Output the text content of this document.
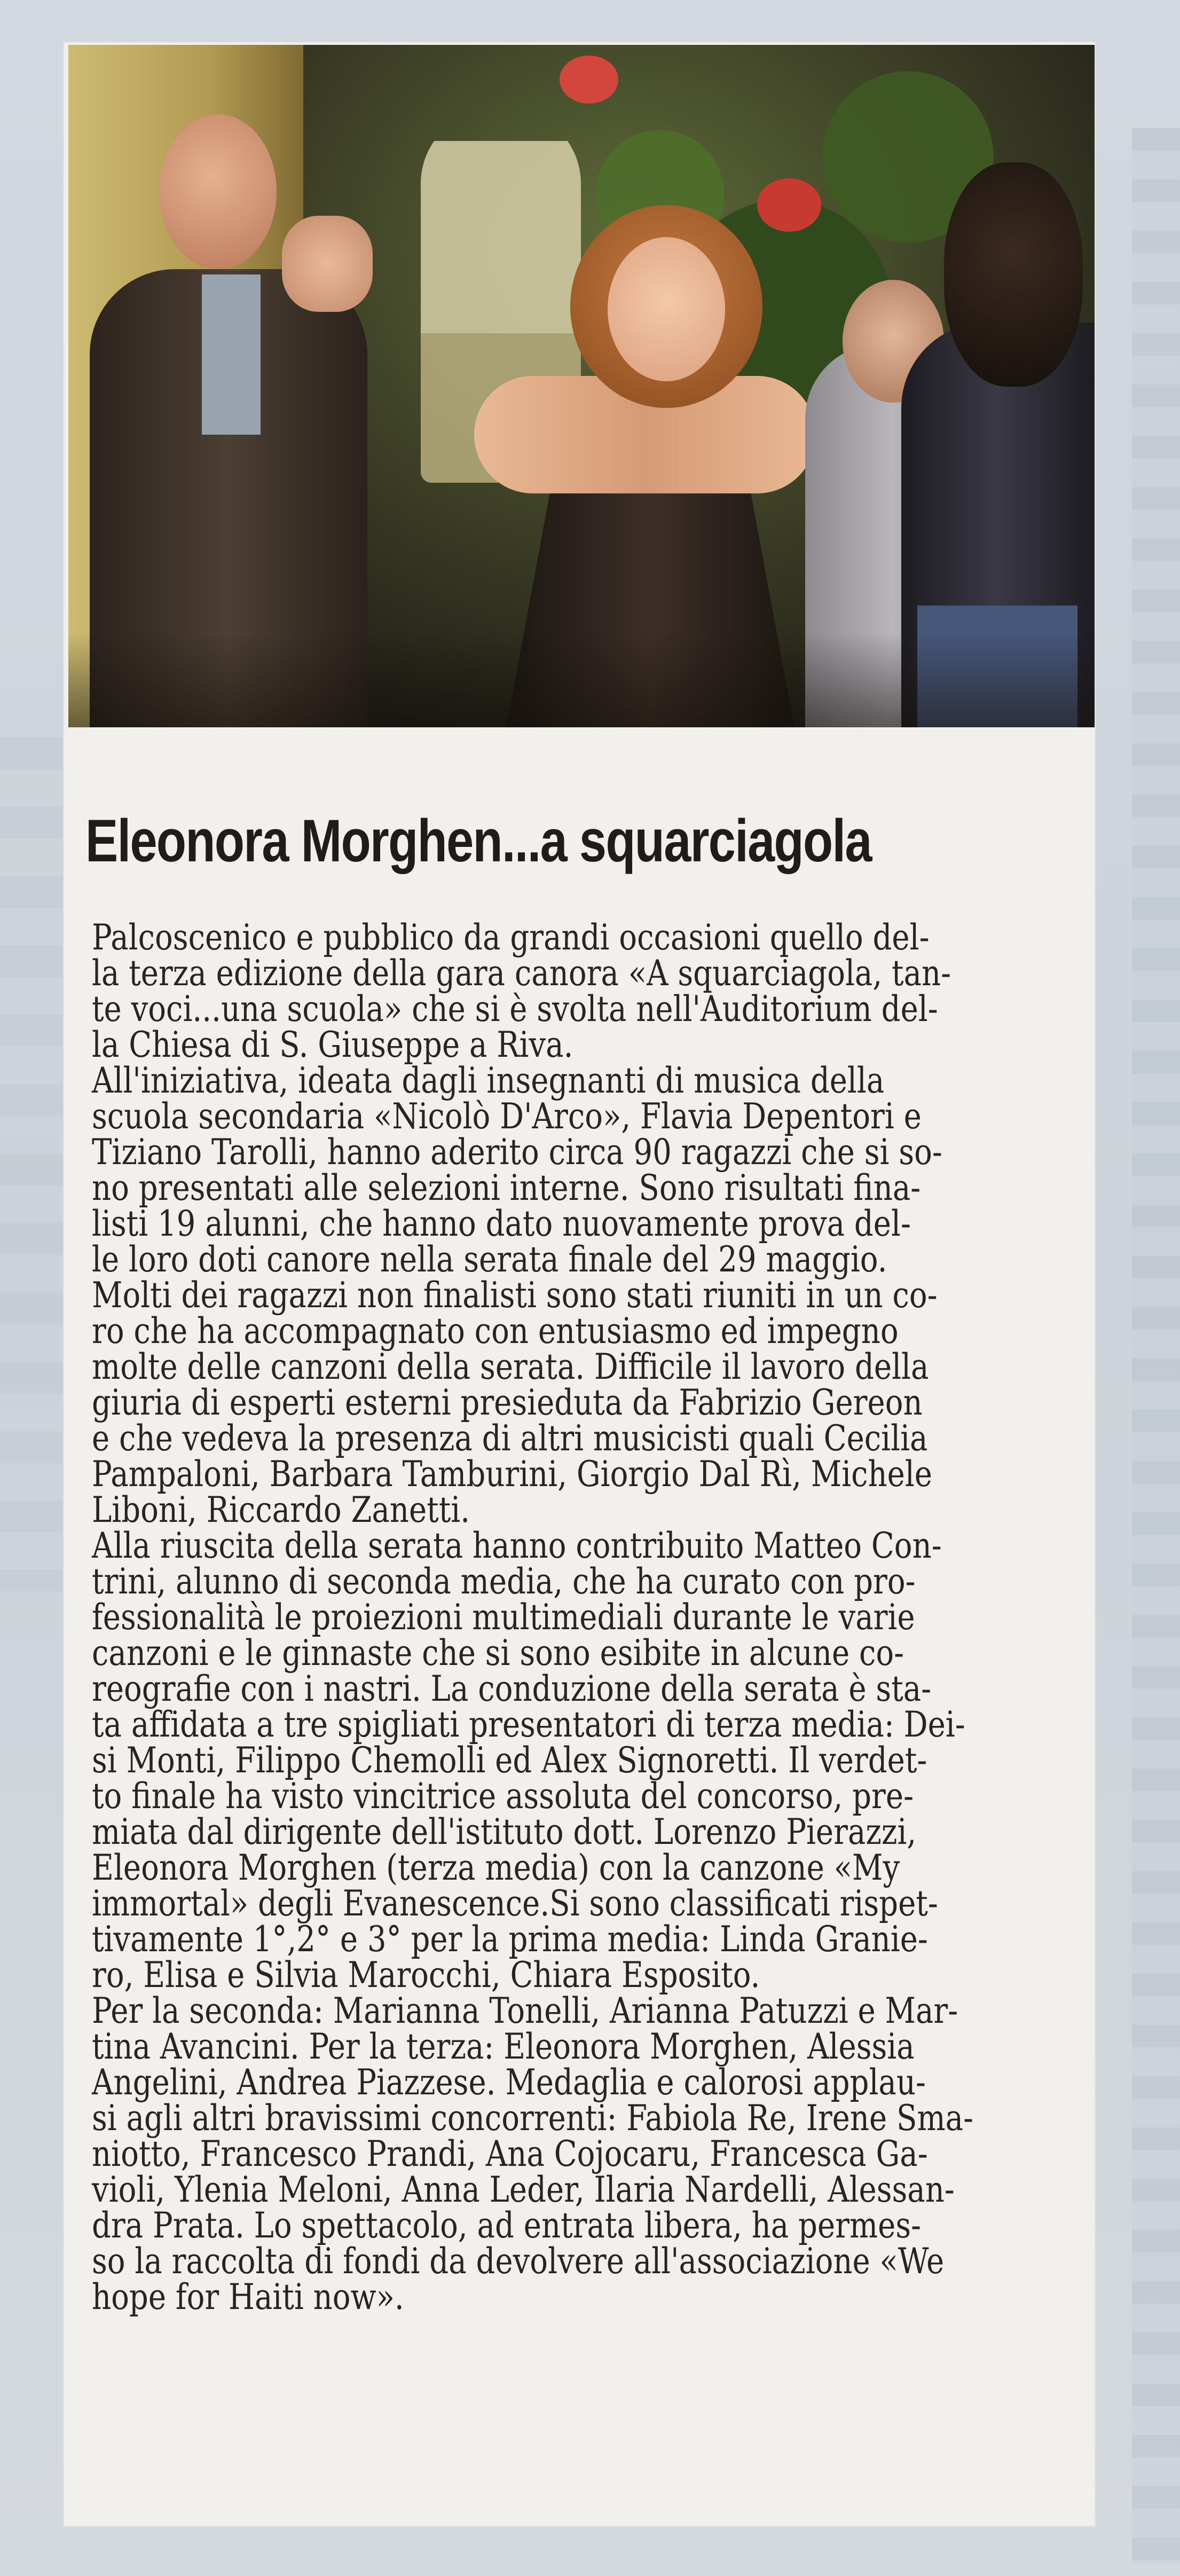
Eleonora Morghen...a squarciagola
Palcoscenico e pubblico da grandi occasioni quello del-
la terza edizione della gara canora «A squarciagola, tan-
te voci...una scuola» che si è svolta nell'Auditorium del-
la Chiesa di S. Giuseppe a Riva.
All'iniziativa, ideata dagli insegnanti di musica della
scuola secondaria «Nicolò D'Arco», Flavia Depentori e
Tiziano Tarolli, hanno aderito circa 90 ragazzi che si so-
no presentati alle selezioni interne. Sono risultati fina-
listi 19 alunni, che hanno dato nuovamente prova del-
le loro doti canore nella serata finale del 29 maggio.
Molti dei ragazzi non finalisti sono stati riuniti in un co-
ro che ha accompagnato con entusiasmo ed impegno
molte delle canzoni della serata. Difficile il lavoro della
giuria di esperti esterni presieduta da Fabrizio Gereon
e che vedeva la presenza di altri musicisti quali Cecilia
Pampaloni, Barbara Tamburini, Giorgio Dal Rì, Michele
Liboni, Riccardo Zanetti.
Alla riuscita della serata hanno contribuito Matteo Con-
trini, alunno di seconda media, che ha curato con pro-
fessionalità le proiezioni multimediali durante le varie
canzoni e le ginnaste che si sono esibite in alcune co-
reografie con i nastri. La conduzione della serata è sta-
ta affidata a tre spigliati presentatori di terza media: Dei-
si Monti, Filippo Chemolli ed Alex Signoretti. Il verdet-
to finale ha visto vincitrice assoluta del concorso, pre-
miata dal dirigente dell'istituto dott. Lorenzo Pierazzi,
Eleonora Morghen (terza media) con la canzone «My
immortal» degli Evanescence.Si sono classificati rispet-
tivamente 1°,2° e 3° per la prima media: Linda Granie-
ro, Elisa e Silvia Marocchi, Chiara Esposito.
Per la seconda: Marianna Tonelli, Arianna Patuzzi e Mar-
tina Avancini. Per la terza: Eleonora Morghen, Alessia
Angelini, Andrea Piazzese. Medaglia e calorosi applau-
si agli altri bravissimi concorrenti: Fabiola Re, Irene Sma-
niotto, Francesco Prandi, Ana Cojocaru, Francesca Ga-
violi, Ylenia Meloni, Anna Leder, Ilaria Nardelli, Alessan-
dra Prata. Lo spettacolo, ad entrata libera, ha permes-
so la raccolta di fondi da devolvere all'associazione «We
hope for Haiti now».
